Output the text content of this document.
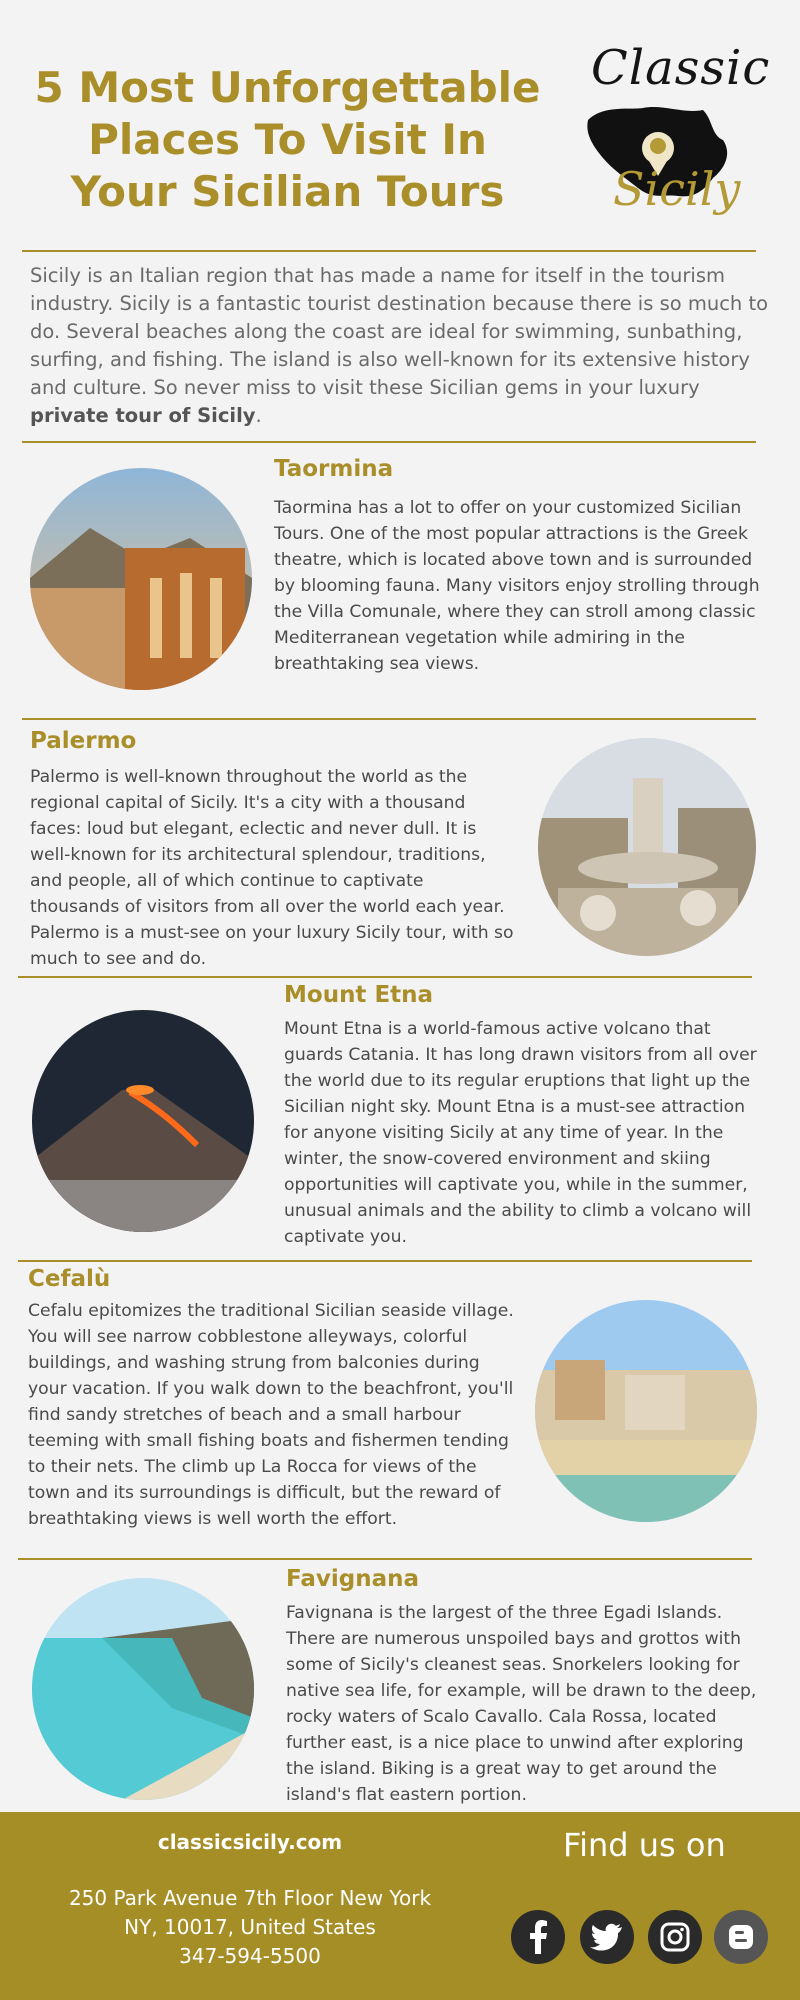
5 Most Unforgettable
Places To Visit In
Your Sicilian Tours
Classic
Sicily
Sicily is an Italian region that has made a name for itself in the tourism industry. Sicily is a fantastic tourist destination because there is so much to do. Several beaches along the coast are ideal for swimming, sunbathing, surfing, and fishing. The island is also well-known for its extensive history and culture. So never miss to visit these Sicilian gems in your luxury private tour of Sicily.
Taormina
Taormina has a lot to offer on your customized Sicilian Tours. One of the most popular attractions is the Greek theatre, which is located above town and is surrounded by blooming fauna. Many visitors enjoy strolling through the Villa Comunale, where they can stroll among classic Mediterranean vegetation while admiring in the breathtaking sea views.
Palermo
Palermo is well-known throughout the world as the regional capital of Sicily. It's a city with a thousand faces: loud but elegant, eclectic and never dull. It is well-known for its architectural splendour, traditions, and people, all of which continue to captivate thousands of visitors from all over the world each year. Palermo is a must-see on your luxury Sicily tour, with so much to see and do.
Mount Etna
Mount Etna is a world-famous active volcano that guards Catania. It has long drawn visitors from all over the world due to its regular eruptions that light up the Sicilian night sky. Mount Etna is a must-see attraction for anyone visiting Sicily at any time of year. In the winter, the snow-covered environment and skiing opportunities will captivate you, while in the summer, unusual animals and the ability to climb a volcano will captivate you.
Cefalù
Cefalu epitomizes the traditional Sicilian seaside village. You will see narrow cobblestone alleyways, colorful buildings, and washing strung from balconies during your vacation. If you walk down to the beachfront, you'll find sandy stretches of beach and a small harbour teeming with small fishing boats and fishermen tending to their nets. The climb up La Rocca for views of the town and its surroundings is difficult, but the reward of breathtaking views is well worth the effort.
Favignana
Favignana is the largest of the three Egadi Islands. There are numerous unspoiled bays and grottos with some of Sicily's cleanest seas. Snorkelers looking for native sea life, for example, will be drawn to the deep, rocky waters of Scalo Cavallo. Cala Rossa, located further east, is a nice place to unwind after exploring the island. Biking is a great way to get around the island's flat eastern portion.
classicsicily.com	Find us on
250 Park Avenue 7th Floor New York
NY, 10017, United States
347-594-5500
